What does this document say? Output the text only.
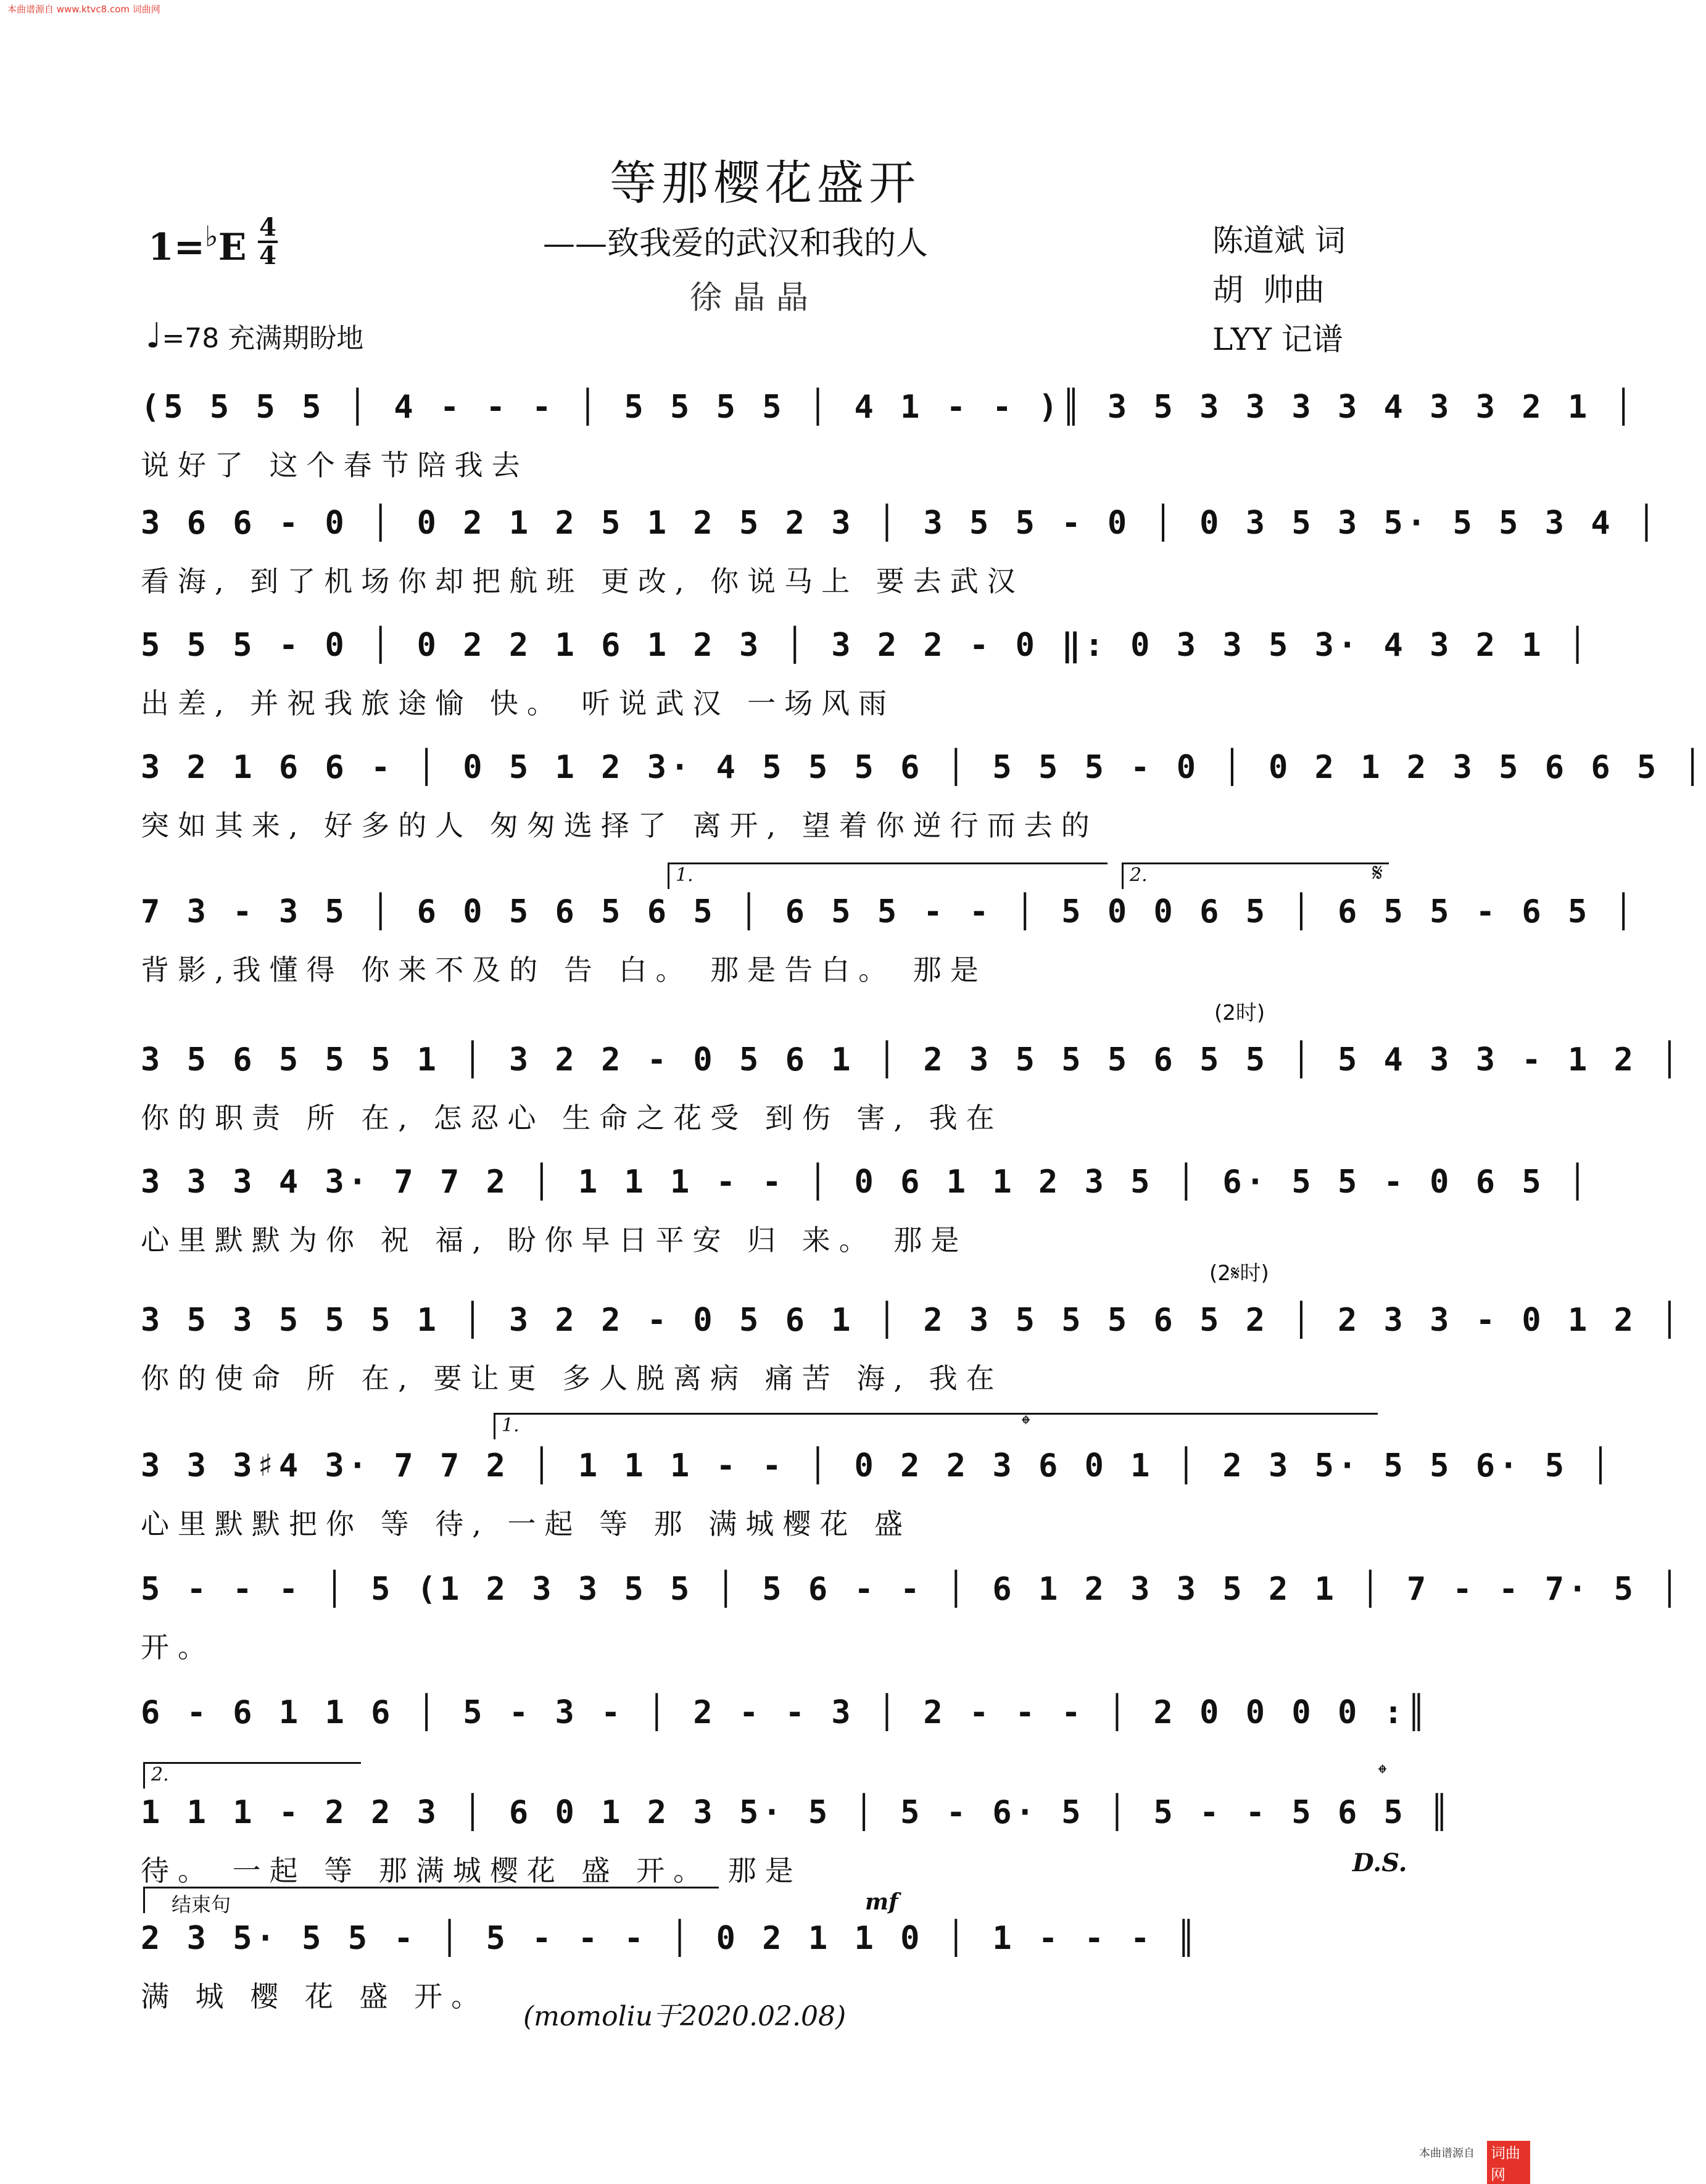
本曲谱源自 www.ktvc8.com 词曲网
等那樱花盛开
——致我爱的武汉和我的人
徐晶晶
陈道斌 词
胡  帅曲
LYY 记谱
1=♭E 4
4
♩=78 充满期盼地
(5 5 5 5 │ 4 - - - │ 5 5 5 5 │ 4 1 - - )║ 3 5 3 3 3 3 4 3 3 2 1 │
说好了 这个春节陪我去
3 6 6 - 0 │ 0 2 1 2 5 1 2 5 2 3 │ 3 5 5 - 0 │ 0 3 5 3 5· 5 5 3 4 │
看海, 到了机场你却把航班 更改, 你说马上 要去武汉
5 5 5 - 0 │ 0 2 2 1 6 1 2 3 │ 3 2 2 - 0 ‖: 0 3 3 5 3· 4 3 2 1 │
出差, 并祝我旅途愉 快。 听说武汉 一场风雨
3 2 1 6 6 - │ 0 5 1 2 3· 4 5 5 5 6 │ 5 5 5 - 0 │ 0 2 1 2 3 5 6 6 5 │
突如其来, 好多的人 匆匆选择了 离开, 望着你逆行而去的
1.	2.	𝄋
7 3 - 3 5 │ 6 0 5 6 5 6 5 │ 6 5 5 - - │ 5 0 0 6 5 │ 6 5 5 - 6 5 │
背影,我懂得 你来不及的 告 白。 那是告白。 那是
(2时)
3 5 6 5 5 5 1 │ 3 2 2 - 0 5 6 1 │ 2 3 5 5 5 6 5 5 │ 5 4 3 3 - 1 2 │
你的职责 所 在, 怎忍心 生命之花受 到伤 害, 我在
3 3 3 4 3· 7 7 2 │ 1 1 1 - - │ 0 6 1 1 2 3 5 │ 6· 5 5 - 0 6 5 │
心里默默为你 祝 福, 盼你早日平安 归 来。 那是
(2𝄋时)
3 5 3 5 5 5 1 │ 3 2 2 - 0 5 6 1 │ 2 3 5 5 5 6 5 2 │ 2 3 3 - 0 1 2 │
你的使命 所 在, 要让更 多人脱离病 痛苦 海, 我在
1.	𝄌
3 3 3♯4 3· 7 7 2 │ 1 1 1 - - │ 0 2 2 3 6 0 1 │ 2 3 5· 5 5 6· 5 │
心里默默把你 等 待, 一起 等 那 满城樱花 盛
5 - - - │ 5 (1 2 3 3 5 5 │ 5 6 - - │ 6 1 2 3 3 5 2 1 │ 7 - - 7· 5 │
开。
6 - 6 1 1 6 │ 5 - 3 - │ 2 - - 3 │ 2 - - - │ 2 0 0 0 0 :║
2.	𝄌
1 1 1 - 2 2 3 │ 6 0 1 2 3 5· 5 │ 5 - 6· 5 │ 5 - - 5 6 5 ║
待。 一起 等 那满城樱花 盛 开。 那是	D.S.
结束句	mf
2 3 5· 5 5 - │ 5 - - - │ 0 2 1 1 0 │ 1 - - - ║
满 城 樱 花 盛 开。
(momoliu于2020.02.08)
本曲谱源自 词曲网
